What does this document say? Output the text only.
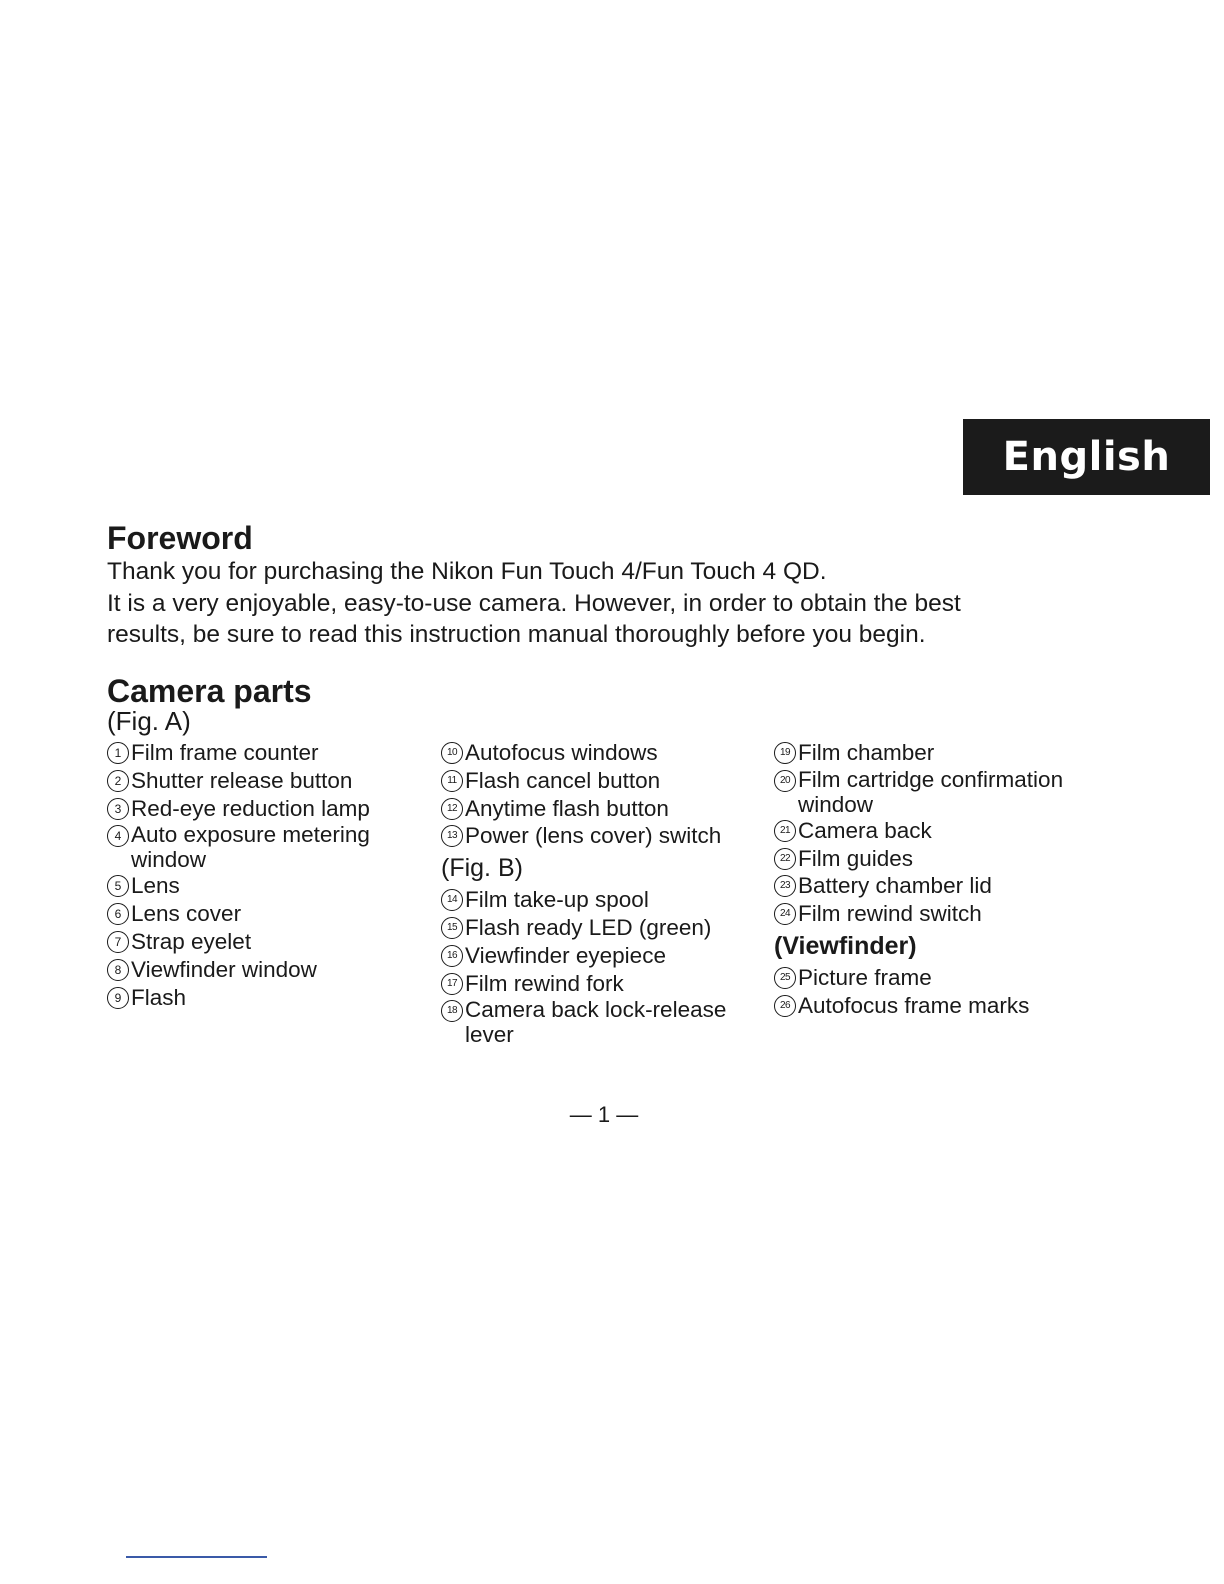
English
Foreword

Thank you for purchasing the Nikon Fun Touch 4/Fun Touch 4 QD.
It is a very enjoyable, easy-to-use camera. However, in order to obtain the best
results, be sure to read this instruction manual thoroughly before you begin.

Camera parts
(Fig. A)
1 Film frame counter
2 Shutter release button
3 Red-eye reduction lamp
4 Auto exposure metering window
5 Lens
6 Lens cover
7 Strap eyelet
8 Viewfinder window
9 Flash
10 Autofocus windows
11 Flash cancel button
12 Anytime flash button
13 Power (lens cover) switch
(Fig. B)
14 Film take-up spool
15 Flash ready LED (green)
16 Viewfinder eyepiece
17 Film rewind fork
18 Camera back lock-release lever
19 Film chamber
20 Film cartridge confirmation window
21 Camera back
22 Film guides
23 Battery chamber lid
24 Film rewind switch
(Viewfinder)
25 Picture frame
26 Autofocus frame marks
— 1 —
